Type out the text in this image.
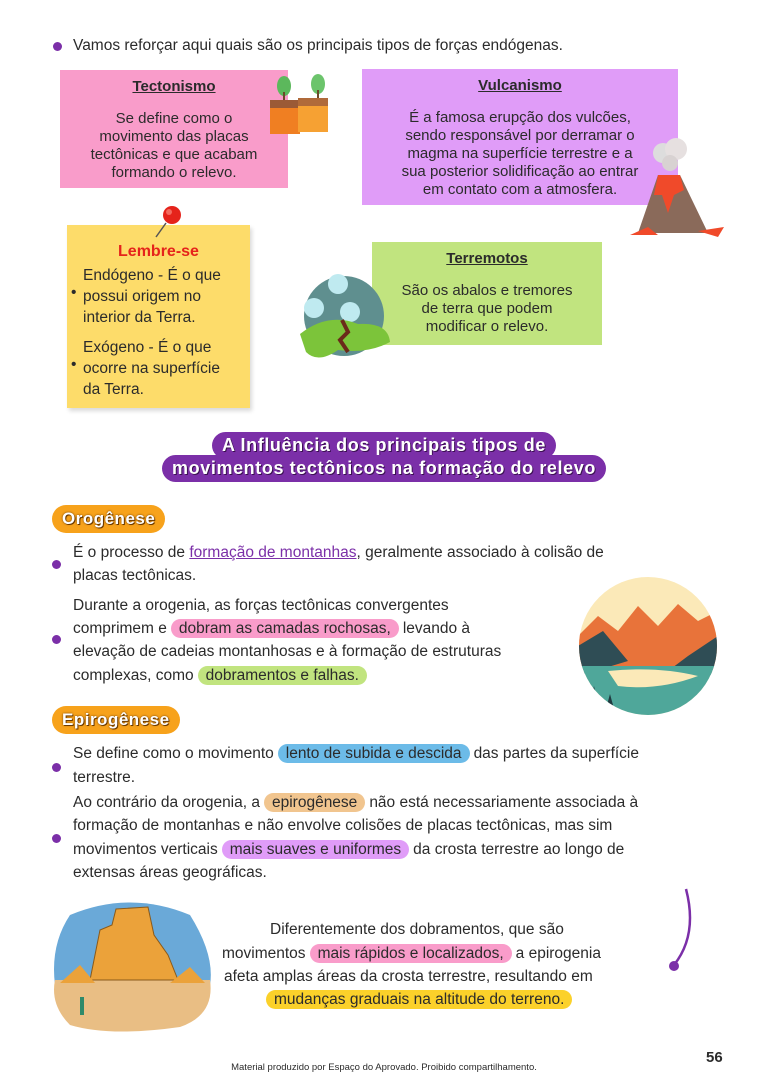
Vamos reforçar aqui quais são os principais tipos de forças endógenas.
Tectonismo
Se define como o
movimento das placas
tectônicas e que acabam
formando o relevo.
Vulcanismo
É a famosa erupção dos vulcões,
sendo responsável por derramar o
magma na superfície terrestre e a
sua posterior solidificação ao entrar
em contato com a atmosfera.
Lembre-se
Endógeno - É o que
possui origem no
interior da Terra.
Exógeno - É o que
ocorre na superfície
da Terra.
•
•
Terremotos
São os abalos e tremores
de terra que podem
modificar o relevo.
A Influência dos principais tipos de
movimentos tectônicos na formação do relevo
Orogênese
É o processo de formação de montanhas, geralmente associado à colisão de
placas tectônicas.
Durante a orogenia, as forças tectônicas convergentes
comprimem e dobram as camadas rochosas, levando à
elevação de cadeias montanhosas e à formação de estruturas
complexas, como dobramentos e falhas.
Epirogênese
Se define como o movimento lento de subida e descida das partes da superfície
terrestre.
Ao contrário da orogenia, a epirogênese não está necessariamente associada à
formação de montanhas e não envolve colisões de placas tectônicas, mas sim
movimentos verticais mais suaves e uniformes da crosta terrestre ao longo de
extensas áreas geográficas.
Diferentemente dos dobramentos, que são
movimentos mais rápidos e localizados, a epirogenia
afeta amplas áreas da crosta terrestre, resultando em
mudanças graduais na altitude do terreno.
Material produzido por Espaço do Aprovado. Proibido compartilhamento.
56
